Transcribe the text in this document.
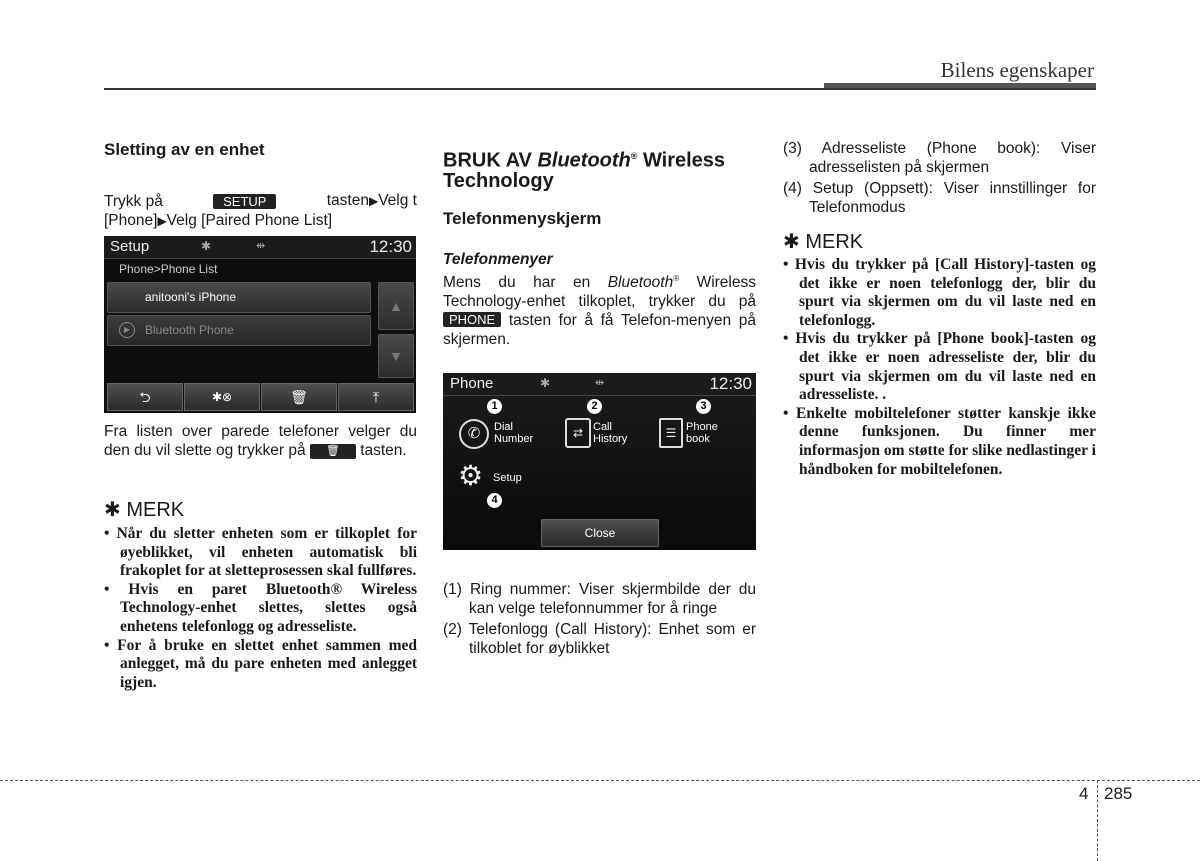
Bilens egenskaper
4 285
Sletting av en enhet
Trykk på	SETUP	tasten▶Velg t
[Phone]▶Velg [Paired Phone List]
Setup	✱	⇹	12:30
Phone>Phone List
anitooni's iPhone
▶	Bluetooth Phone
▲
▼
⮌	✱⊗	🗑	⤒
Fra listen over parede telefoner velger du den du vil slette og trykker på 🗑 tasten.
✱ MERK
• Når du sletter enheten som er tilkoplet for øyeblikket, vil enheten automatisk bli frakoplet for at sletteprosessen skal fullføres.
• Hvis en paret Bluetooth® Wireless Technology-enhet slettes, slettes også enhetens telefonlogg og adresseliste.
• For å bruke en slettet enhet sammen med anlegget, må du pare enheten med anlegget igjen.
BRUK AV Bluetooth® Wireless Technology
Telefonmenyskjerm
Telefonmenyer
Mens du har en Bluetooth® Wireless Technology-enhet tilkoplet, trykker du på PHONE tasten for å få Telefon-menyen på skjermen.
Phone	✱	⇹	12:30
1	2	3
✆	Dial
Number	⇄ Call
History	☰ Phone
book
⚙ Setup
4
Close
(1) Ring nummer: Viser skjermbilde der du kan velge telefonnummer for å ringe
(2) Telefonlogg (Call History): Enhet som er tilkoblet for øyblikket
(3) Adresseliste (Phone book): Viser adresselisten på skjermen
(4) Setup (Oppsett): Viser innstillinger for Telefonmodus
✱ MERK
• Hvis du trykker på [Call History]-tasten og det ikke er noen telefonlogg der, blir du spurt via skjermen om du vil laste ned en telefonlogg.
• Hvis du trykker på [Phone book]-tasten og det ikke er noen adresseliste der, blir du spurt via skjermen om du vil laste ned en adresseliste. .
• Enkelte mobiltelefoner støtter kanskje ikke denne funksjonen. Du finner mer informasjon om støtte for slike nedlastinger i håndboken for mobiltelefonen.
